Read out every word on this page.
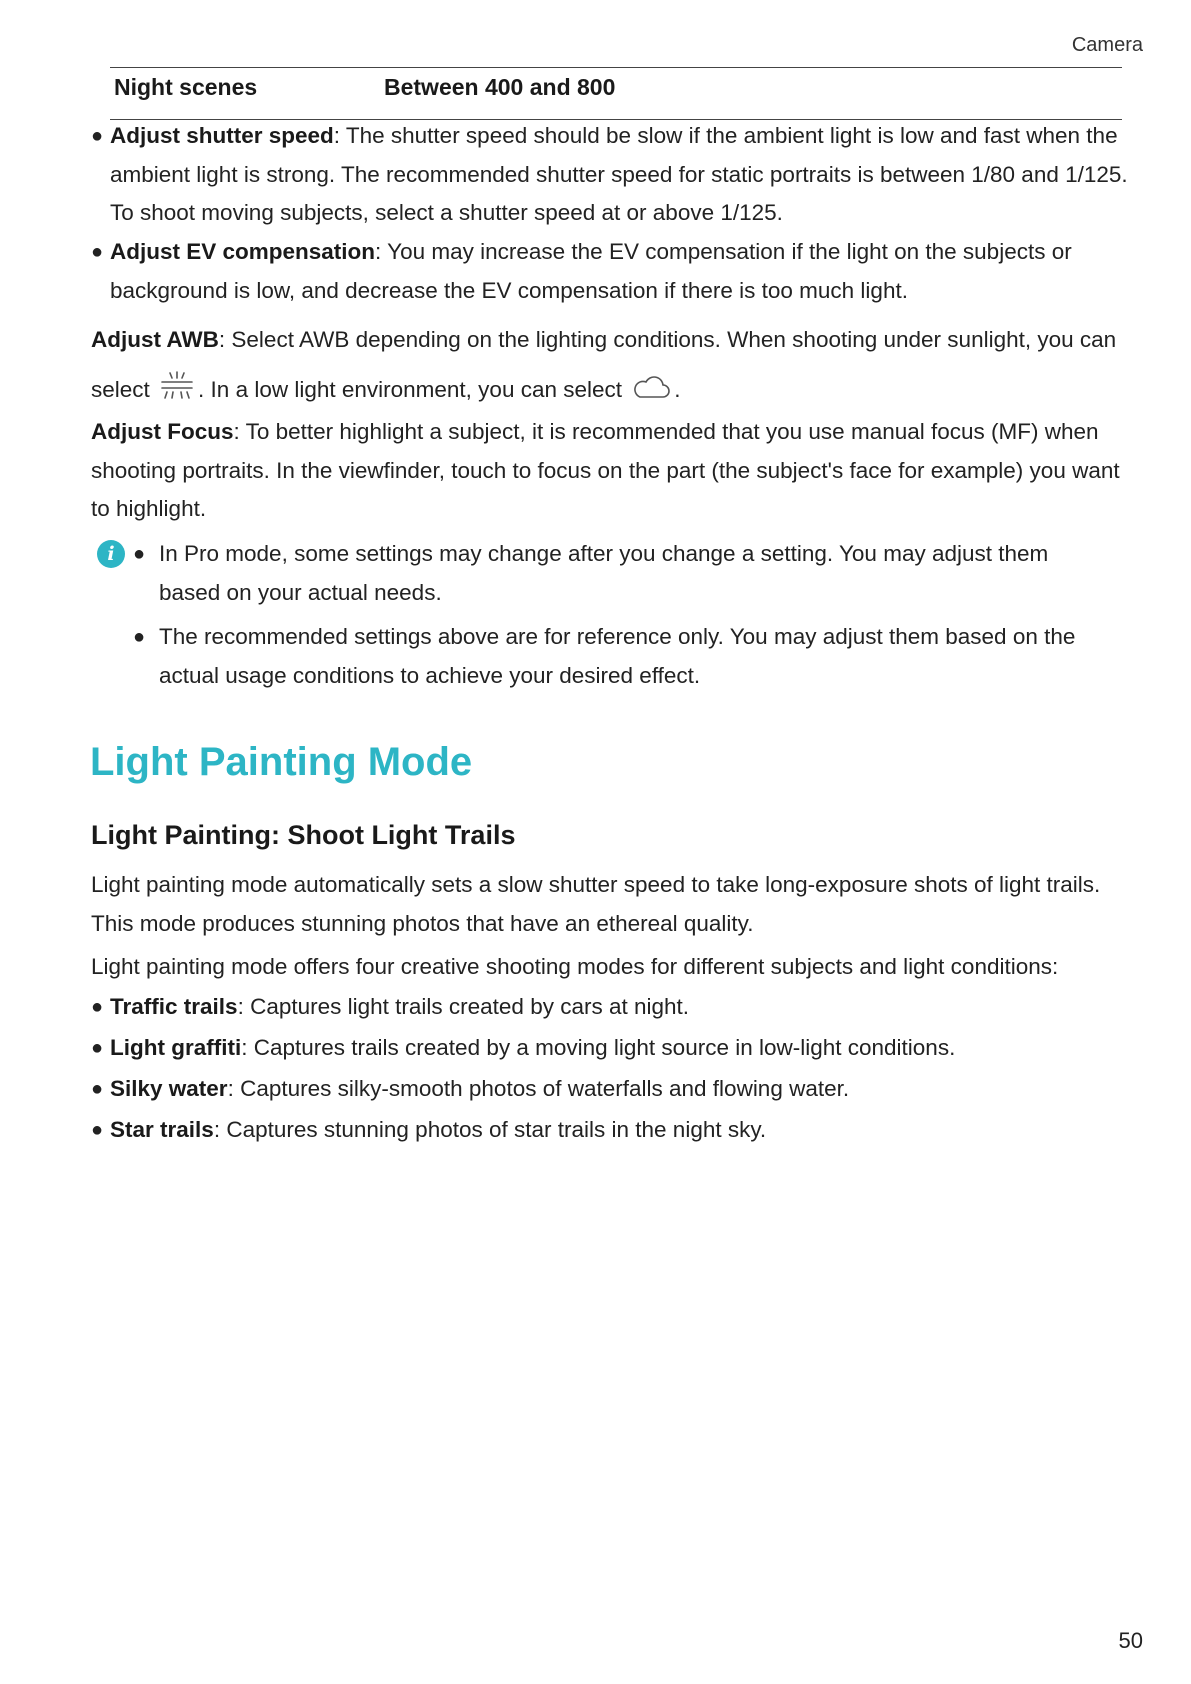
Camera
Night scenes	Between 400 and 800
● Adjust shutter speed: The shutter speed should be slow if the ambient light is low and fast when the ambient light is strong. The recommended shutter speed for static portraits is between 1/80 and 1/125. To shoot moving subjects, select a shutter speed at or above 1/125.
● Adjust EV compensation: You may increase the EV compensation if the light on the subjects or background is low, and decrease the EV compensation if there is too much light.
Adjust AWB: Select AWB depending on the lighting conditions. When shooting under sunlight, you can select . In a low light environment, you can select .
Adjust Focus: To better highlight a subject, it is recommended that you use manual focus (MF) when shooting portraits. In the viewfinder, touch to focus on the part (the subject's face for example) you want to highlight.
i ● In Pro mode, some settings may change after you change a setting. You may adjust them based on your actual needs.
● The recommended settings above are for reference only. You may adjust them based on the actual usage conditions to achieve your desired effect.
Light Painting Mode
Light Painting: Shoot Light Trails
Light painting mode automatically sets a slow shutter speed to take long-exposure shots of light trails. This mode produces stunning photos that have an ethereal quality.
Light painting mode offers four creative shooting modes for different subjects and light conditions:
● Traffic trails: Captures light trails created by cars at night.
● Light graffiti: Captures trails created by a moving light source in low-light conditions.
● Silky water: Captures silky-smooth photos of waterfalls and flowing water.
● Star trails: Captures stunning photos of star trails in the night sky.
50
